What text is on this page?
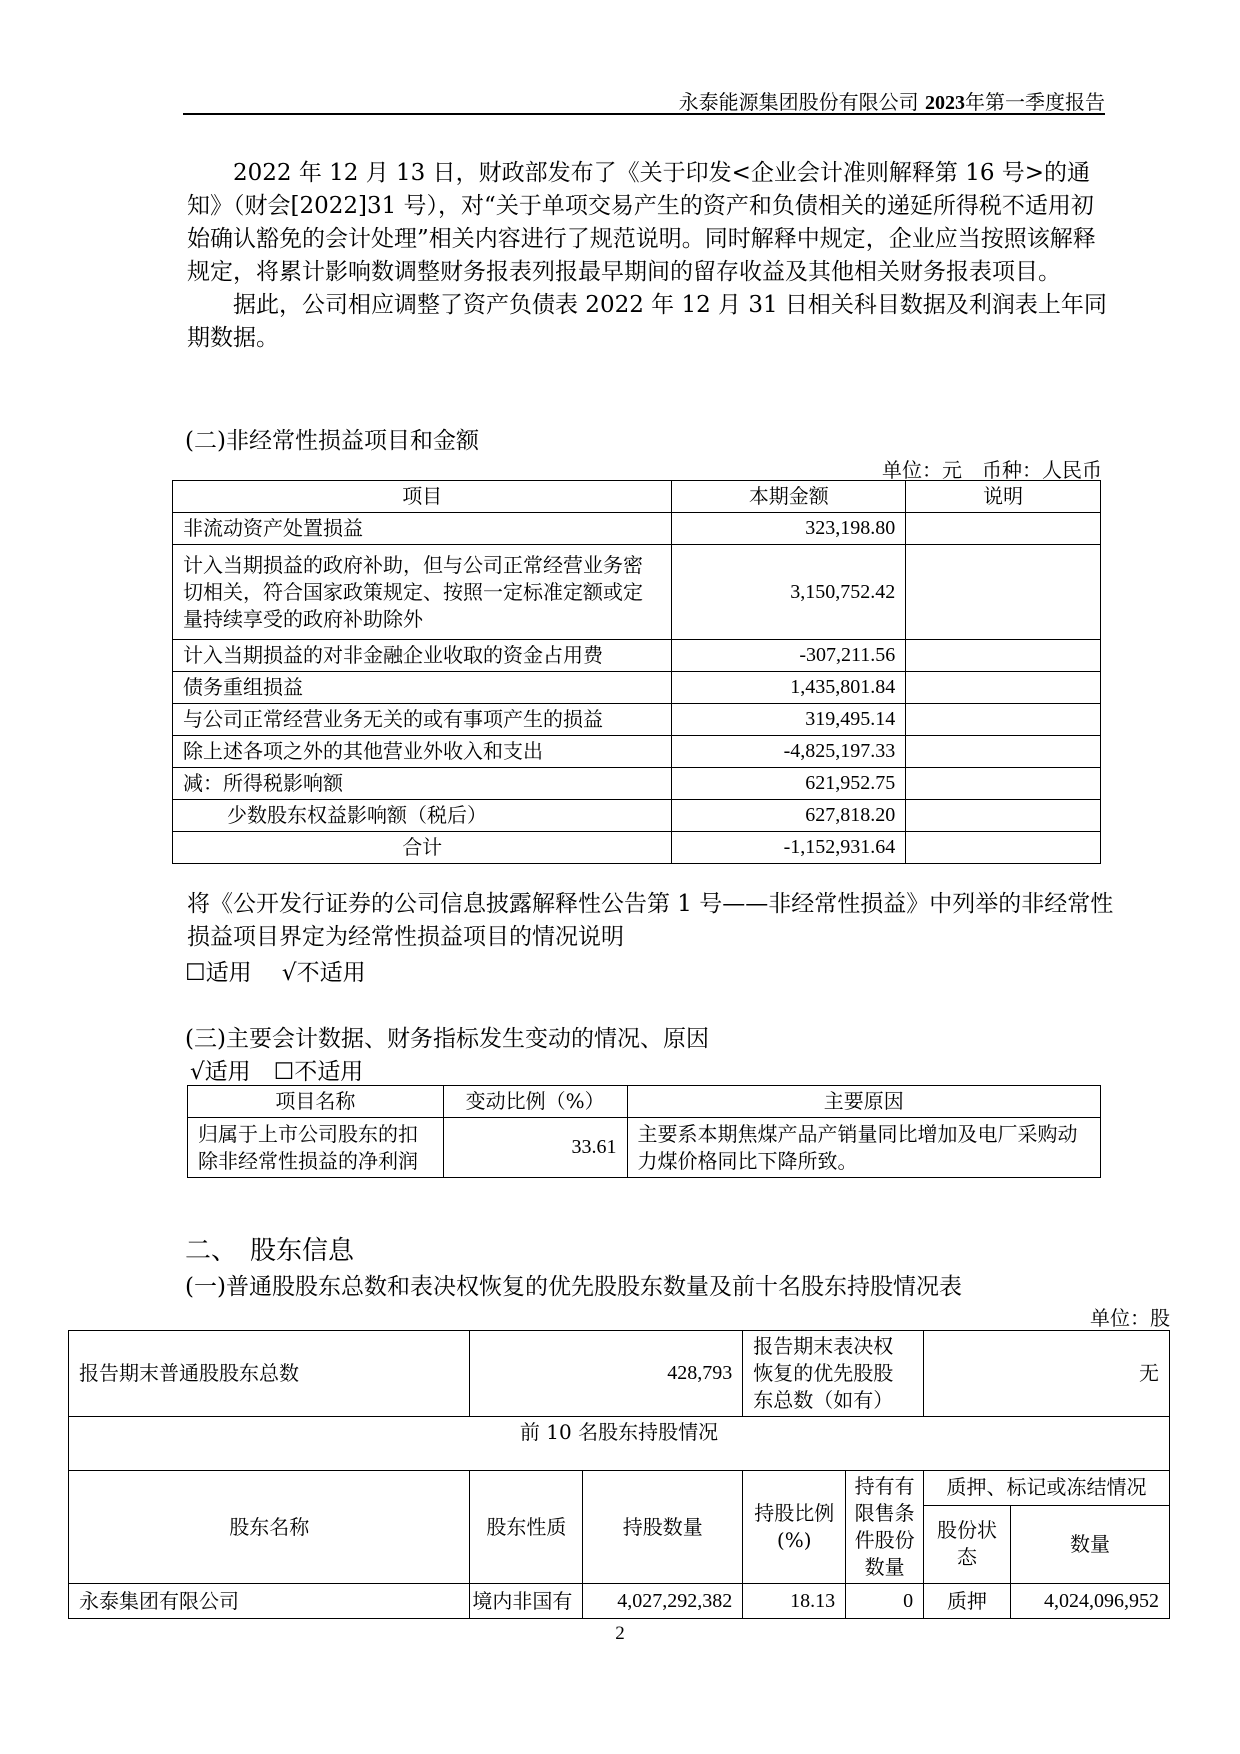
永泰能源集团股份有限公司 2023年第一季度报告

2022 年 12 月 13 日，财政部发布了《关于印发<企业会计准则解释第 16 号>的通知》（财会[2022]31 号），对“关于单项交易产生的资产和负债相关的递延所得税不适用初始确认豁免的会计处理”相关内容进行了规范说明。同时解释中规定，企业应当按照该解释规定，将累计影响数调整财务报表列报最早期间的留存收益及其他相关财务报表项目。

据此，公司相应调整了资产负债表 2022 年 12 月 31 日相关科目数据及利润表上年同期数据。

(二)非经常性损益项目和金额
单位：元　币种：人民币
项目	本期金额	说明
非流动资产处置损益	323,198.80	
计入当期损益的政府补助，但与公司正常经营业务密切相关，符合国家政策规定、按照一定标准定额或定量持续享受的政府补助除外	3,150,752.42	
计入当期损益的对非金融企业收取的资金占用费	-307,211.56	
债务重组损益	1,435,801.84	
与公司正常经营业务无关的或有事项产生的损益	319,495.14	
除上述各项之外的其他营业外收入和支出	-4,825,197.33	
减：所得税影响额	621,952.75	
少数股东权益影响额（税后）	627,818.20	
合计	-1,152,931.64	
将《公开发行证券的公司信息披露解释性公告第 1 号——非经常性损益》中列举的非经常性损益项目界定为经常性损益项目的情况说明
☐适用　 √不适用
(三)主要会计数据、财务指标发生变动的情况、原因
√适用　☐不适用
项目名称	变动比例（%）	主要原因
归属于上市公司股东的扣除非经常性损益的净利润	33.61	主要系本期焦煤产品产销量同比增加及电厂采购动力煤价格同比下降所致。
二、　股东信息
(一)普通股股东总数和表决权恢复的优先股股东数量及前十名股东持股情况表
单位：股
报告期末普通股股东总数	428,793		报告期末表决权恢复的优先股股东总数（如有）		无	
前 10 名股东持股情况						
股东名称	股东性质	持股数量	持股比例(%)	持有有限售条件股份数量	质押、标记或冻结情况	
					股份状态	数量
永泰集团有限公司	境内非国有	4,027,292,382	18.13	0	质押	4,024,096,952
2
